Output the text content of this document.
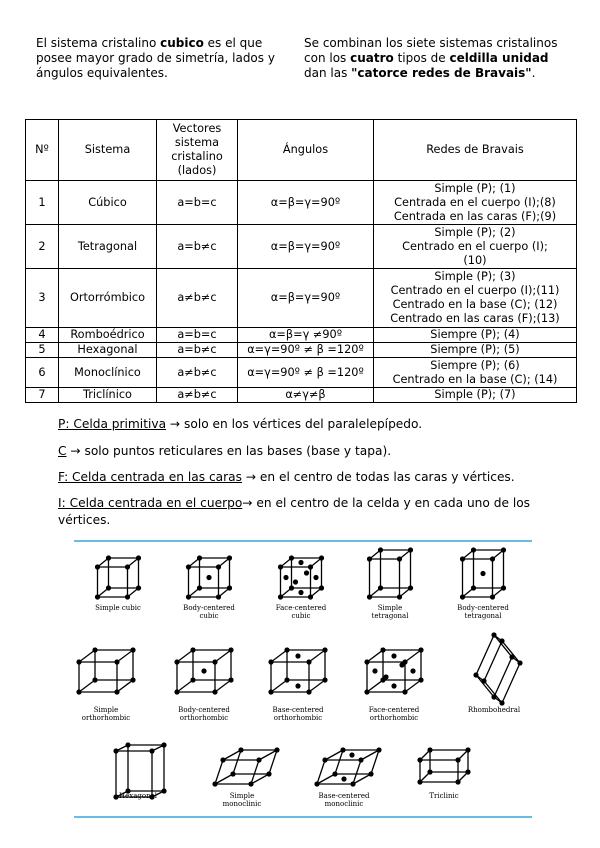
El sistema cristalino cubico es el que posee mayor grado de simetría, lados y ángulos equivalentes.
Se combinan los siete sistemas cristalinos con los cuatro tipos de celdilla unidad dan las "catorce redes de Bravais".
Nº	Sistema	Vectores sistema cristalino (lados)	Ángulos	Redes de Bravais
1	Cúbico	a=b=c	α=β=γ=90º	Simple (P); (1)
Centrada en el cuerpo (I);(8)
Centrada en las caras (F);(9)

2	Tetragonal	a=b≠c	α=β=γ=90º	Simple (P); (2)
Centrado en el cuerpo (I);
(10)

3	Ortorrómbico	a≠b≠c	α=β=γ=90º	Simple (P); (3)
Centrado en el cuerpo (I);(11)
Centrado en la base (C); (12)
Centrado en las caras (F);(13)

4	Romboédrico	a=b=c	α=β=γ ≠90º	Siempre (P); (4)

5	Hexagonal	a=b≠c	α=γ=90º ≠ β =120º	Siempre (P); (5)

6	Monoclínico	a≠b≠c	α=γ=90º ≠ β =120º	Siempre (P); (6)
Centrado en la base (C); (14)

7	Triclínico	a≠b≠c	α≠γ≠β	Simple (P); (7)
P: Celda primitiva → solo en los vértices del paralelepípedo.
C → solo puntos reticulares en las bases (base y tapa).
F: Celda centrada en las caras → en el centro de todas las caras y vértices.
I: Celda centrada en el cuerpo→ en el centro de la celda y en cada uno de los vértices.
Simple cubic	Body-centered
cubic
Face-centered
cubic
Simple
tetragonal
Body-centered
tetragonal
Simple
orthorhombic
Body-centered
orthorhombic
Base-centered
orthorhombic
Face-centered
orthorhombic
Rhombohedral
Hexagonal	Simple
monoclinic
Base-centered
monoclinic
Triclinic
